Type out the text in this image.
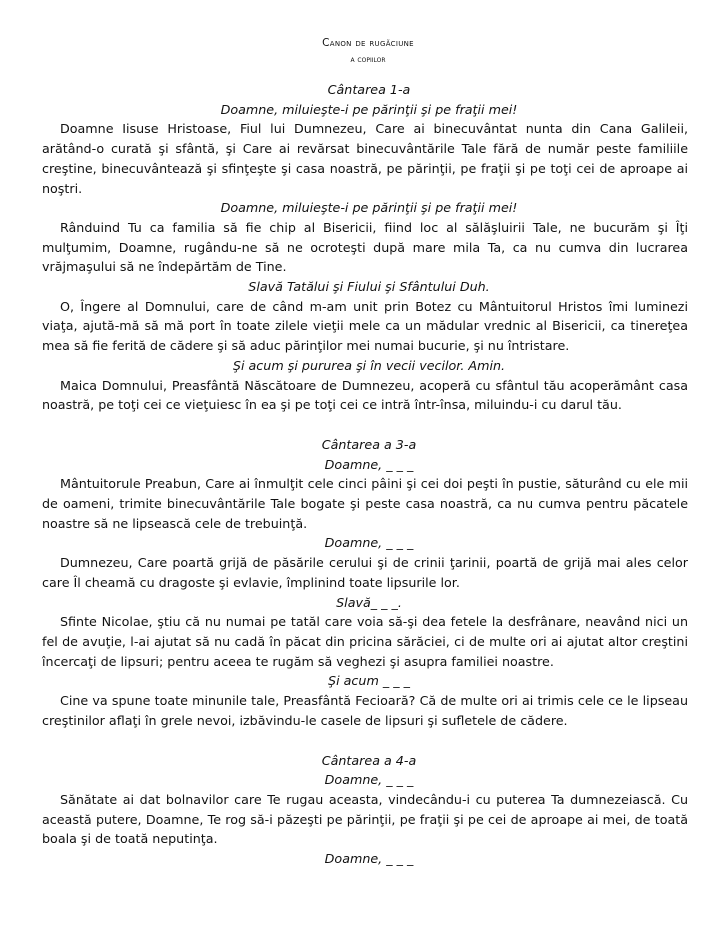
Canon de rugăciune
a copiilor
Cântarea 1-a
Doamne, miluieşte-i pe părinţii şi pe fraţii mei!

Doamne Iisuse Hristoase, Fiul lui Dumnezeu, Care ai binecuvântat nunta din Cana Galileii, arătând-o curată şi sfântă, şi Care ai revărsat binecuvântările Tale fără de număr peste familiile creştine, binecuvântează şi sfinţeşte şi casa noastră, pe părinţii, pe fraţii şi pe toţi cei de aproape ai noştri.

Doamne, miluieşte-i pe părinţii şi pe fraţii mei!

Rânduind Tu ca familia să fie chip al Bisericii, fiind loc al sălăşluirii Tale, ne bucurăm şi Îţi mulţumim, Doamne, rugându-ne să ne ocroteşti după mare mila Ta, ca nu cumva din lucrarea vrăjmaşului să ne îndepărtăm de Tine.

Slavă Tatălui şi Fiului şi Sfântului Duh.

O, Îngere al Domnului, care de când m-am unit prin Botez cu Mântuitorul Hristos îmi luminezi viaţa, ajută-mă să mă port în toate zilele vieţii mele ca un mădular vrednic al Bisericii, ca tinereţea mea să fie ferită de cădere şi să aduc părinţilor mei numai bucurie, şi nu întristare.

Şi acum şi pururea şi în vecii vecilor. Amin.

Maica Domnului, Preasfântă Născătoare de Dumnezeu, acoperă cu sfântul tău acoperământ casa noastră, pe toţi cei ce vieţuiesc în ea şi pe toţi cei ce intră într-însa, miluindu-i cu darul tău.

Cântarea a 3-a
Doamne, _ _ _

Mântuitorule Preabun, Care ai înmulţit cele cinci pâini şi cei doi peşti în pustie, săturând cu ele mii de oameni, trimite binecuvântările Tale bogate şi peste casa noastră, ca nu cumva pentru păcatele noastre să ne lipsească cele de trebuinţă.

Doamne, _ _ _

Dumnezeu, Care poartă grijă de păsările cerului şi de crinii ţarinii, poartă de grijă mai ales celor care Îl cheamă cu dragoste şi evlavie, împlinind toate lipsurile lor.

Slavă_ _ _.

Sfinte Nicolae, ştiu că nu numai pe tatăl care voia să-şi dea fetele la desfrânare, neavând nici un fel de avuţie, l-ai ajutat să nu cadă în păcat din pricina sărăciei, ci de multe ori ai ajutat altor creştini încercaţi de lipsuri; pentru aceea te rugăm să veghezi şi asupra familiei noastre.

Şi acum _ _ _

Cine va spune toate minunile tale, Preasfântă Fecioară? Că de multe ori ai trimis cele ce le lipseau creştinilor aflaţi în grele nevoi, izbăvindu-le casele de lipsuri şi sufletele de cădere.

Cântarea a 4-a
Doamne, _ _ _

Sănătate ai dat bolnavilor care Te rugau aceasta, vindecându-i cu puterea Ta dumnezeiască. Cu această putere, Doamne, Te rog să-i păzeşti pe părinţii, pe fraţii şi pe cei de aproape ai mei, de toată boala şi de toată neputinţa.

Doamne, _ _ _
